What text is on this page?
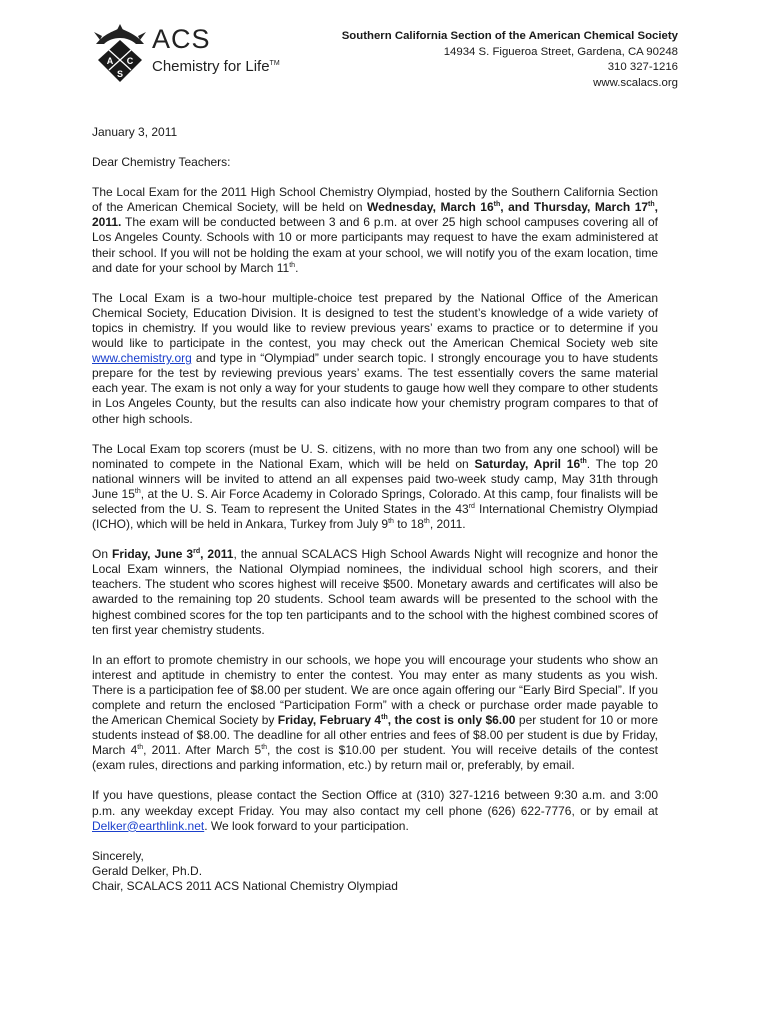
A C
S
ACS
Chemistry for Life™
Southern California Section of the American Chemical Society
14934 S. Figueroa Street, Gardena, CA 90248
310 327-1216
www.scalacs.org

January 3, 2011

Dear Chemistry Teachers:

The Local Exam for the 2011 High School Chemistry Olympiad, hosted by the Southern California Section of the American Chemical Society, will be held on Wednesday, March 16th, and Thursday, March 17th, 2011. The exam will be conducted between 3 and 6 p.m. at over 25 high school campuses covering all of Los Angeles County. Schools with 10 or more participants may request to have the exam administered at their school. If you will not be holding the exam at your school, we will notify you of the exam location, time and date for your school by March 11th.

The Local Exam is a two-hour multiple-choice test prepared by the National Office of the American Chemical Society, Education Division. It is designed to test the student’s knowledge of a wide variety of topics in chemistry. If you would like to review previous years’ exams to practice or to determine if you would like to participate in the contest, you may check out the American Chemical Society web site www.chemistry.org and type in “Olympiad” under search topic. I strongly encourage you to have students prepare for the test by reviewing previous years’ exams. The test essentially covers the same material each year. The exam is not only a way for your students to gauge how well they compare to other students in Los Angeles County, but the results can also indicate how your chemistry program compares to that of other high schools.

The Local Exam top scorers (must be U. S. citizens, with no more than two from any one school) will be nominated to compete in the National Exam, which will be held on Saturday, April 16th. The top 20 national winners will be invited to attend an all expenses paid two-week study camp, May 31th through June 15th, at the U. S. Air Force Academy in Colorado Springs, Colorado. At this camp, four finalists will be selected from the U. S. Team to represent the United States in the 43rd International Chemistry Olympiad (ICHO), which will be held in Ankara, Turkey from July 9th to 18th, 2011.

On Friday, June 3rd, 2011, the annual SCALACS High School Awards Night will recognize and honor the Local Exam winners, the National Olympiad nominees, the individual school high scorers, and their teachers. The student who scores highest will receive $500. Monetary awards and certificates will also be awarded to the remaining top 20 students. School team awards will be presented to the school with the highest combined scores for the top ten participants and to the school with the highest combined scores of ten first year chemistry students.

In an effort to promote chemistry in our schools, we hope you will encourage your students who show an interest and aptitude in chemistry to enter the contest. You may enter as many students as you wish. There is a participation fee of $8.00 per student. We are once again offering our “Early Bird Special”. If you complete and return the enclosed “Participation Form” with a check or purchase order made payable to the American Chemical Society by Friday, February 4th, the cost is only $6.00 per student for 10 or more students instead of $8.00. The deadline for all other entries and fees of $8.00 per student is due by Friday, March 4th, 2011. After March 5th, the cost is $10.00 per student. You will receive details of the contest (exam rules, directions and parking information, etc.) by return mail or, preferably, by email.

If you have questions, please contact the Section Office at (310) 327-1216 between 9:30 a.m. and 3:00 p.m. any weekday except Friday. You may also contact my cell phone (626) 622-7776, or by email at Delker@earthlink.net. We look forward to your participation.

Sincerely,
Gerald Delker, Ph.D.
Chair, SCALACS 2011 ACS National Chemistry Olympiad
